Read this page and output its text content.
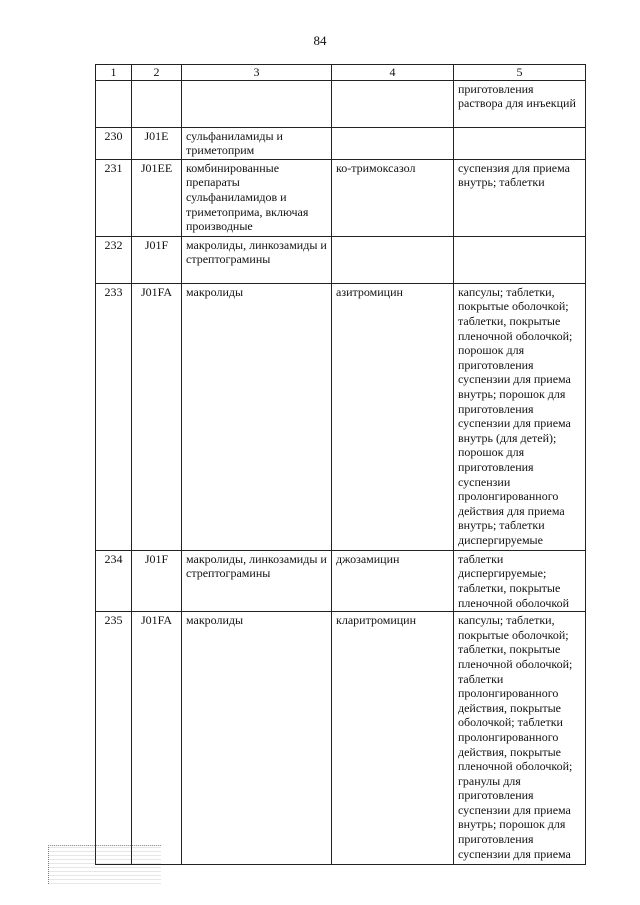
84
1	2	3	4	5
				приготовления раствора для инъекций
230	J01E	сульфаниламиды и триметоприм		
231	J01EE	комбинированные препараты сульфаниламидов и триметоприма, включая производные	ко-тримоксазол	суспензия для приема внутрь; таблетки
232	J01F	макролиды, линкозамиды и стрептограмины		
233	J01FA	макролиды	азитромицин	капсулы; таблетки, покрытые оболочкой; таблетки, покрытые пленочной оболочкой; порошок для приготовления суспензии для приема внутрь; порошок для приготовления суспензии для приема внутрь (для детей); порошок для приготовления суспензии пролонгированного действия для приема внутрь; таблетки диспергируемые
234	J01F	макролиды, линкозамиды и стрептограмины	джозамицин	таблетки диспергируемые; таблетки, покрытые пленочной оболочкой
235	J01FA	макролиды	кларитромицин	капсулы; таблетки, покрытые оболочкой; таблетки, покрытые пленочной оболочкой; таблетки пролонгированного действия, покрытые оболочкой; таблетки пролонгированного действия, покрытые пленочной оболочкой; гранулы для приготовления суспензии для приема внутрь; порошок для приготовления суспензии для приема
